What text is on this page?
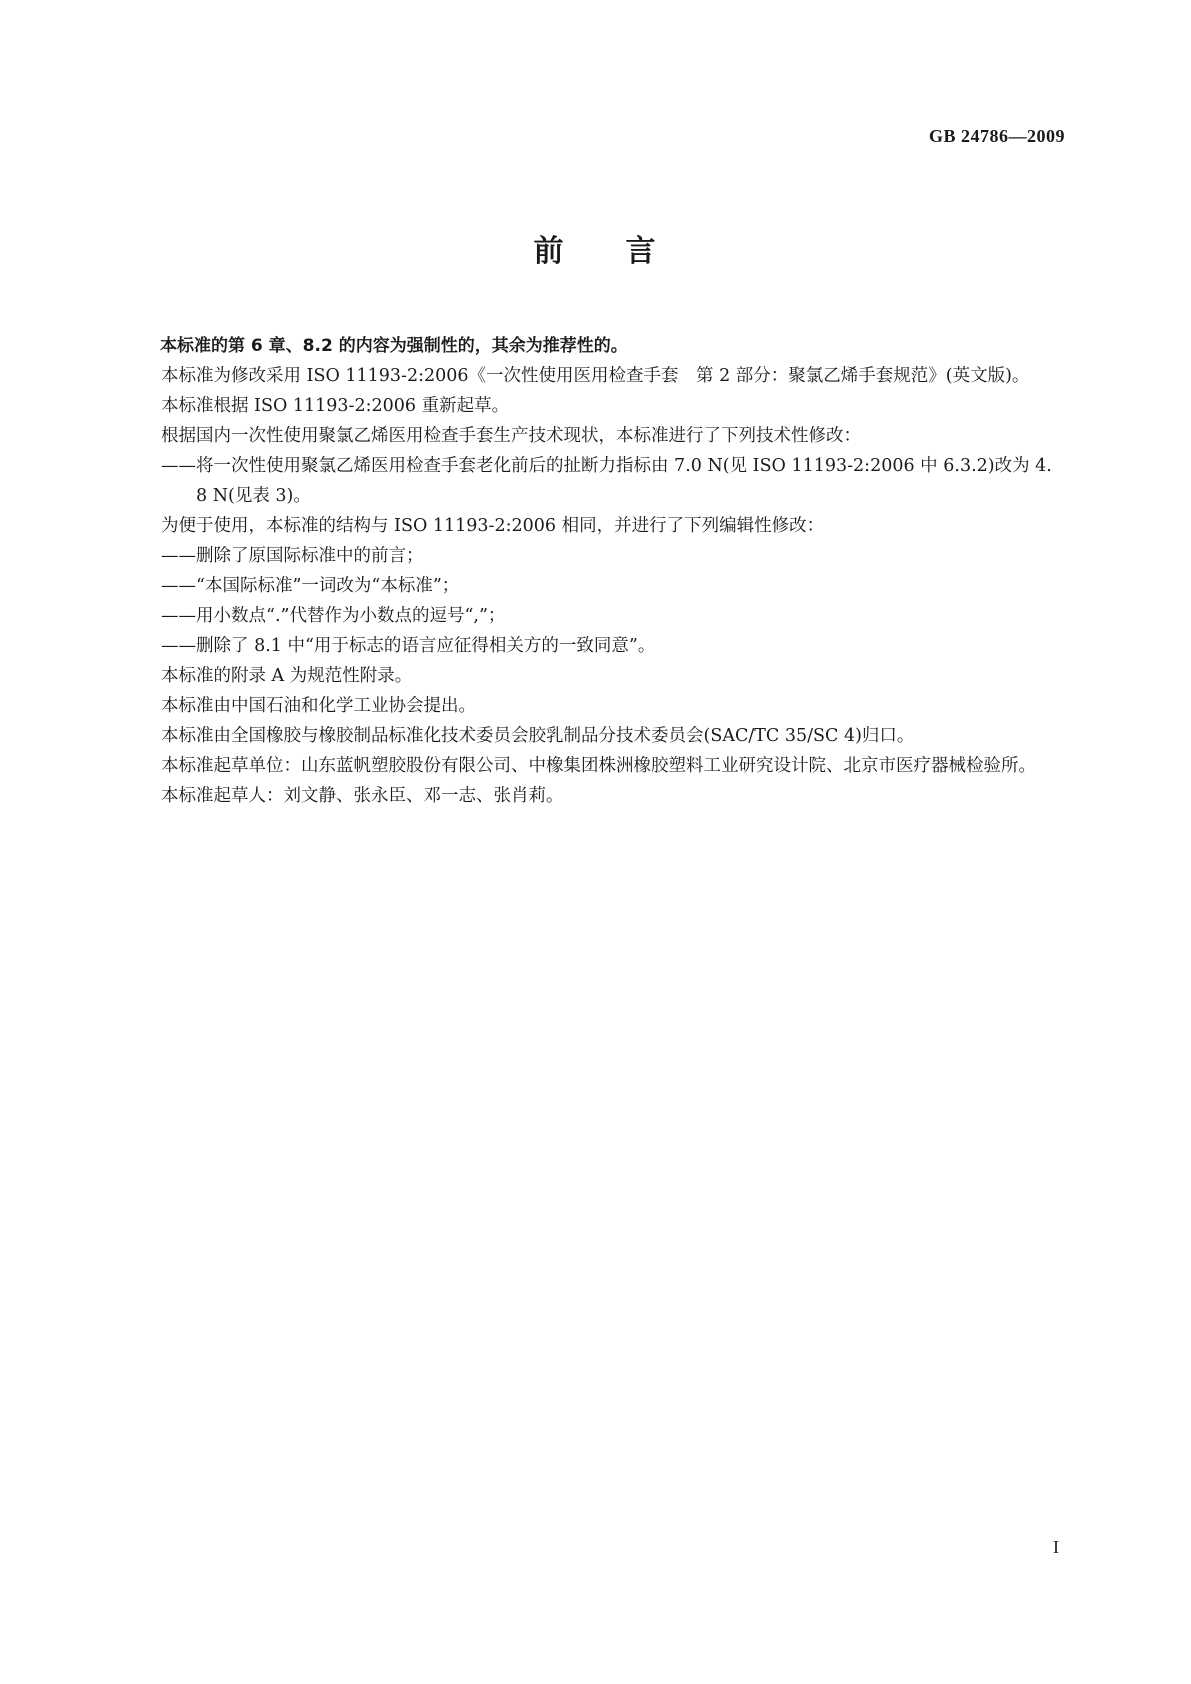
GB 24786—2009
前 言

本标准的第 6 章、8.2 的内容为强制性的，其余为推荐性的。

本标准为修改采用 ISO 11193-2:2006《一次性使用医用检查手套　第 2 部分：聚氯乙烯手套规范》(英文版)。

本标准根据 ISO 11193-2:2006 重新起草。

根据国内一次性使用聚氯乙烯医用检查手套生产技术现状，本标准进行了下列技术性修改：

——将一次性使用聚氯乙烯医用检查手套老化前后的扯断力指标由 7.0 N(见 ISO 11193-2:2006 中 6.3.2)改为 4.8 N(见表 3)。

为便于使用，本标准的结构与 ISO 11193-2:2006 相同，并进行了下列编辑性修改：

——删除了原国际标准中的前言；

——“本国际标准”一词改为“本标准”；

——用小数点“.”代替作为小数点的逗号“,”；

——删除了 8.1 中“用于标志的语言应征得相关方的一致同意”。

本标准的附录 A 为规范性附录。

本标准由中国石油和化学工业协会提出。

本标准由全国橡胶与橡胶制品标准化技术委员会胶乳制品分技术委员会(SAC/TC 35/SC 4)归口。

本标准起草单位：山东蓝帆塑胶股份有限公司、中橡集团株洲橡胶塑料工业研究设计院、北京市医疗器械检验所。

本标准起草人：刘文静、张永臣、邓一志、张肖莉。

I
